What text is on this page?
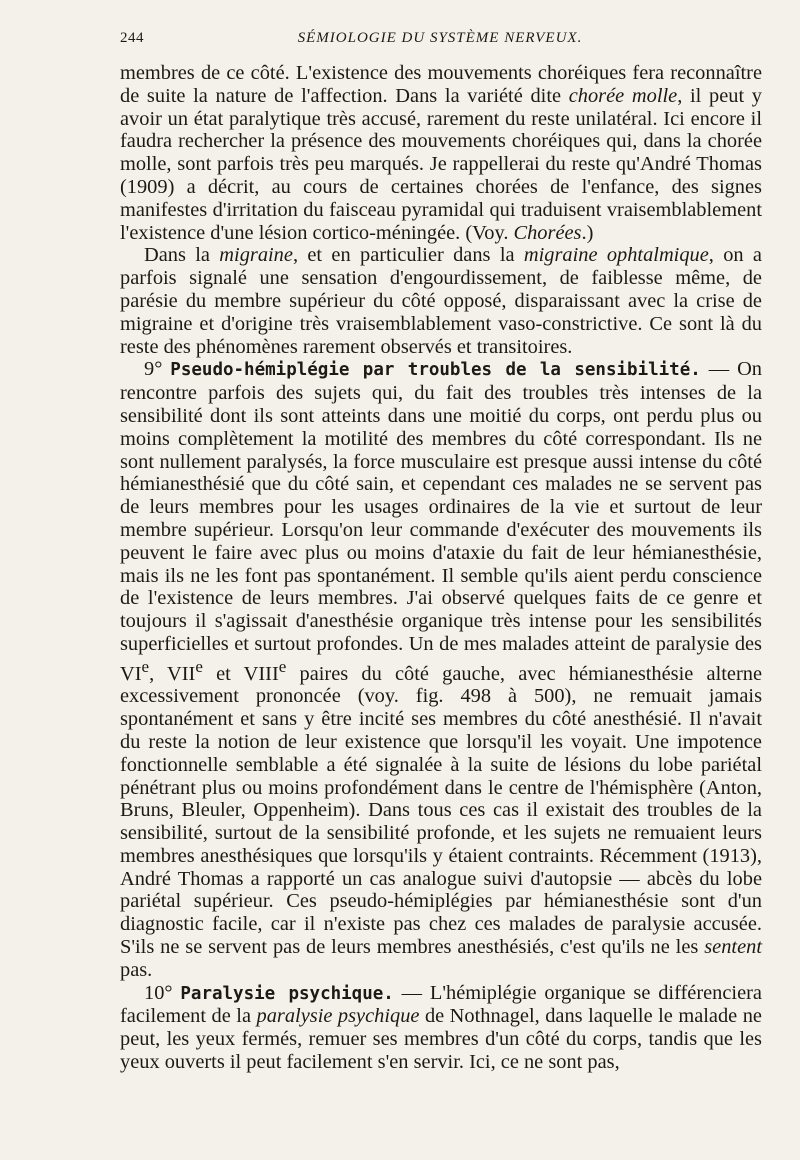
244	SÉMIOLOGIE DU SYSTÈME NERVEUX.

membres de ce côté. L'existence des mouvements choréiques fera reconnaître de suite la nature de l'affection. Dans la variété dite chorée molle, il peut y avoir un état paralytique très accusé, rarement du reste unilatéral. Ici encore il faudra rechercher la présence des mouvements choréiques qui, dans la chorée molle, sont parfois très peu marqués. Je rappellerai du reste qu'André Thomas (1909) a décrit, au cours de certaines chorées de l'enfance, des signes manifestes d'irritation du faisceau pyramidal qui traduisent vraisemblablement l'existence d'une lésion cortico-méningée. (Voy. Chorées.)

Dans la migraine, et en particulier dans la migraine ophtalmique, on a parfois signalé une sensation d'engourdissement, de faiblesse même, de parésie du membre supérieur du côté opposé, disparaissant avec la crise de migraine et d'origine très vraisemblablement vaso-constrictive. Ce sont là du reste des phénomènes rarement observés et transitoires.

9° Pseudo-hémiplégie par troubles de la sensibilité. — On rencontre parfois des sujets qui, du fait des troubles très intenses de la sensibilité dont ils sont atteints dans une moitié du corps, ont perdu plus ou moins complètement la motilité des membres du côté correspondant. Ils ne sont nullement paralysés, la force musculaire est presque aussi intense du côté hémianesthésié que du côté sain, et cependant ces malades ne se servent pas de leurs membres pour les usages ordinaires de la vie et surtout de leur membre supérieur. Lorsqu'on leur commande d'exécuter des mouvements ils peuvent le faire avec plus ou moins d'ataxie du fait de leur hémianesthésie, mais ils ne les font pas spontanément. Il semble qu'ils aient perdu conscience de l'existence de leurs membres. J'ai observé quelques faits de ce genre et toujours il s'agissait d'anesthésie organique très intense pour les sensibilités superficielles et surtout profondes. Un de mes malades atteint de paralysie des VIe, VIIe et VIIIe paires du côté gauche, avec hémianesthésie alterne excessivement prononcée (voy. fig. 498 à 500), ne remuait jamais spontanément et sans y être incité ses membres du côté anesthésié. Il n'avait du reste la notion de leur existence que lorsqu'il les voyait. Une impotence fonctionnelle semblable a été signalée à la suite de lésions du lobe pariétal pénétrant plus ou moins profondément dans le centre de l'hémisphère (Anton, Bruns, Bleuler, Oppenheim). Dans tous ces cas il existait des troubles de la sensibilité, surtout de la sensibilité profonde, et les sujets ne remuaient leurs membres anesthésiques que lorsqu'ils y étaient contraints. Récemment (1913), André Thomas a rapporté un cas analogue suivi d'autopsie — abcès du lobe pariétal supérieur. Ces pseudo-hémiplégies par hémianesthésie sont d'un diagnostic facile, car il n'existe pas chez ces malades de paralysie accusée. S'ils ne se servent pas de leurs membres anesthésiés, c'est qu'ils ne les sentent pas.

10° Paralysie psychique. — L'hémiplégie organique se différenciera facilement de la paralysie psychique de Nothnagel, dans laquelle le malade ne peut, les yeux fermés, remuer ses membres d'un côté du corps, tandis que les yeux ouverts il peut facilement s'en servir. Ici, ce ne sont pas,
